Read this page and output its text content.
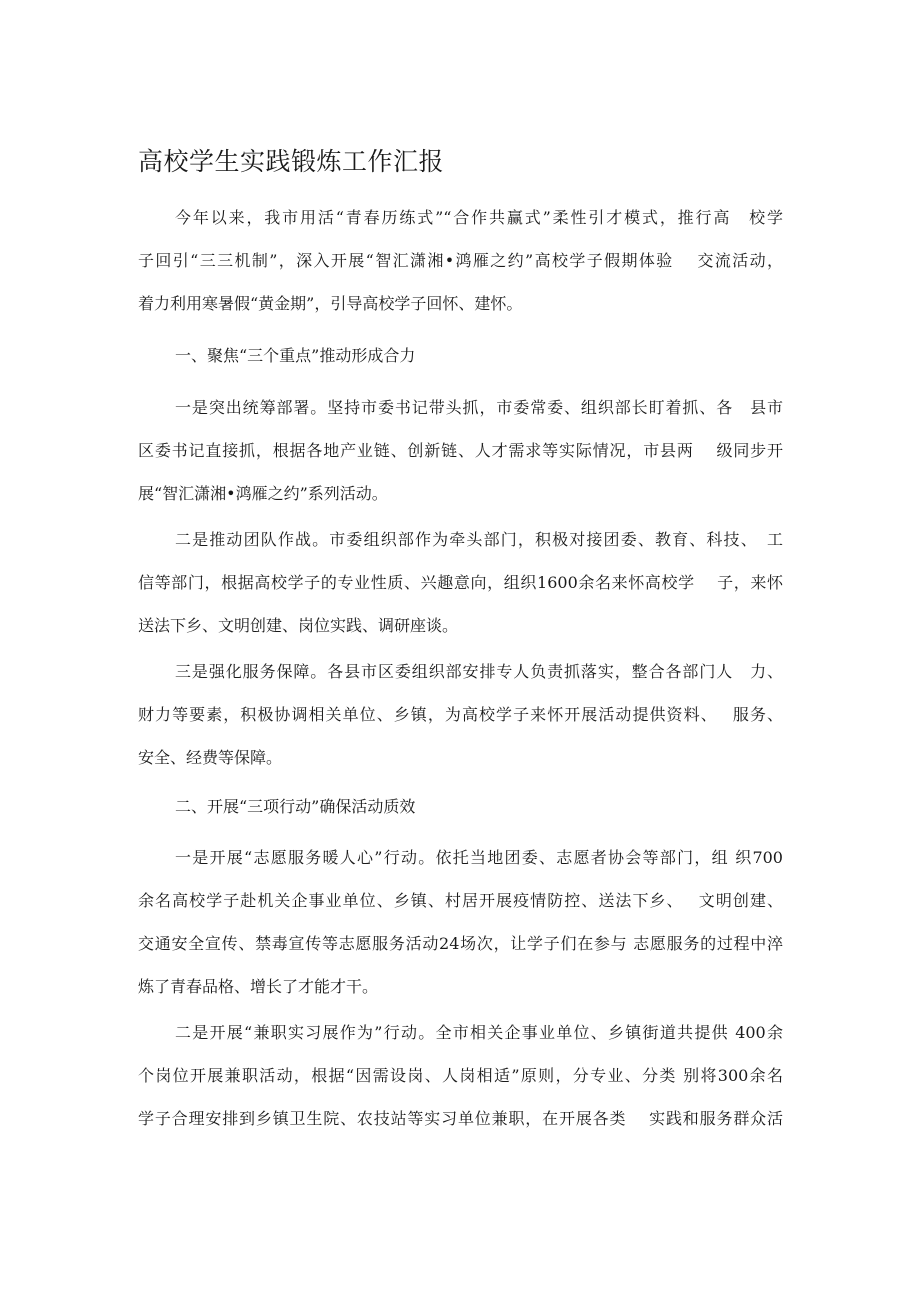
高校学生实践锻炼工作汇报
今年以来，我市用活“青春历练式”“合作共赢式”柔性引才模式，推行高　校学
子回引“三三机制”，深入开展“智汇潇湘•鸿雁之约”高校学子假期体验　 交流活动，
着力利用寒暑假“黄金期”，引导高校学子回怀、建怀。
一、聚焦“三个重点”推动形成合力
一是突出统筹部署。坚持市委书记带头抓，市委常委、组织部长盯着抓、各　县市
区委书记直接抓，根据各地产业链、创新链、人才需求等实际情况，市县两　 级同步开
展“智汇潇湘•鸿雁之约”系列活动。
二是推动团队作战。市委组织部作为牵头部门，积极对接团委、教育、科技、　工
信等部门，根据高校学子的专业性质、兴趣意向，组织1600余名来怀高校学　 子，来怀
送法下乡、文明创建、岗位实践、调研座谈。
三是强化服务保障。各县市区委组织部安排专人负责抓落实，整合各部门人　力、
财力等要素，积极协调相关单位、乡镇，为高校学子来怀开展活动提供资料、　 服务、
安全、经费等保障。
二、开展“三项行动”确保活动质效
一是开展“志愿服务暖人心”行动。依托当地团委、志愿者协会等部门，组 织700
余名高校学子赴机关企事业单位、乡镇、村居开展疫情防控、送法下乡、　 文明创建、
交通安全宣传、禁毒宣传等志愿服务活动24场次，让学子们在参与 志愿服务的过程中淬
炼了青春品格、增长了才能才干。
二是开展“兼职实习展作为”行动。全市相关企事业单位、乡镇街道共提供 400余
个岗位开展兼职活动，根据“因需设岗、人岗相适”原则，分专业、分类 别将300余名
学子合理安排到乡镇卫生院、农技站等实习单位兼职，在开展各类　 实践和服务群众活
